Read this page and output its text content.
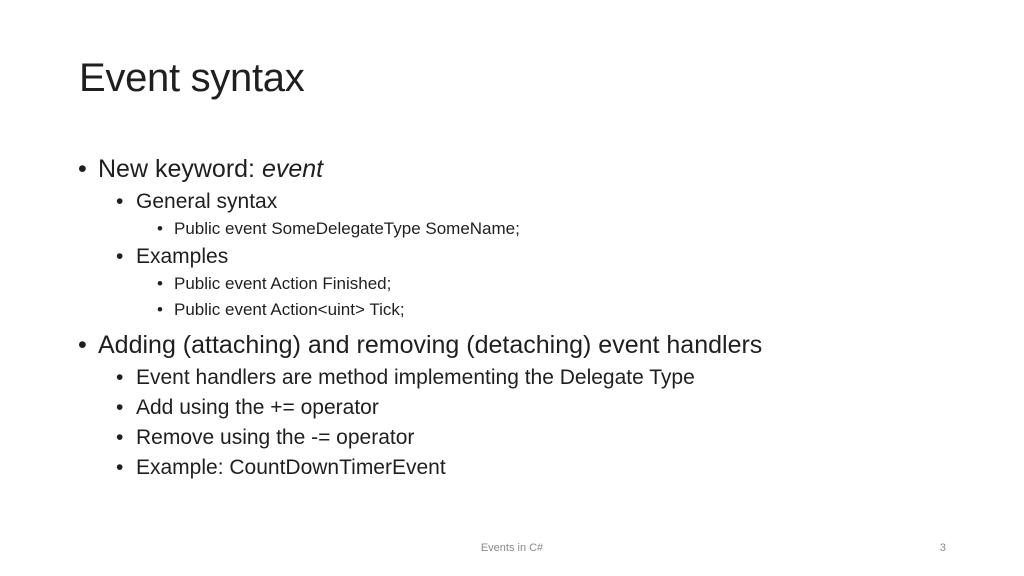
Event syntax
• New keyword: event
• General syntax
• Public event SomeDelegateType SomeName;
• Examples
• Public event Action Finished;
• Public event Action<uint> Tick;
• Adding (attaching) and removing (detaching) event handlers
• Event handlers are method implementing the Delegate Type
• Add using the += operator
• Remove using the -= operator
• Example: CountDownTimerEvent
Events in C#	3
